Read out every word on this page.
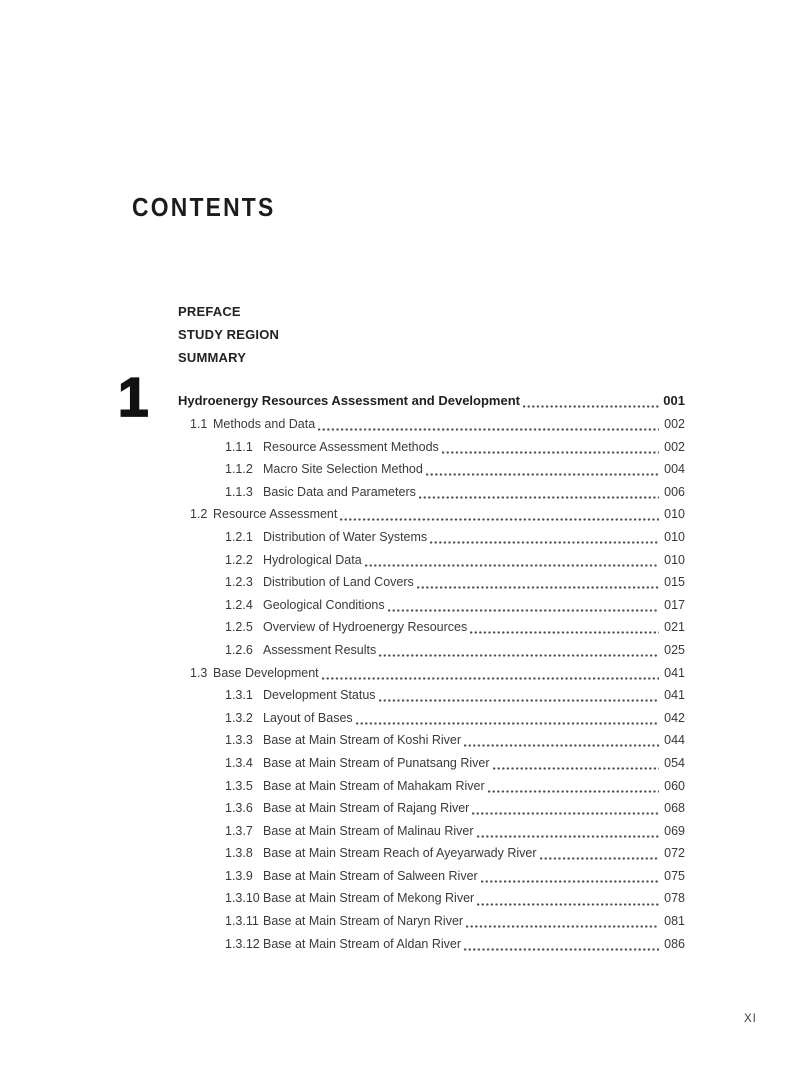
CONTENTS
PREFACE
STUDY REGION
SUMMARY
1 Hydroenergy Resources Assessment and Development	001
1.1 Methods and Data	002
1.1.1 Resource Assessment Methods	002
1.1.2 Macro Site Selection Method	004
1.1.3 Basic Data and Parameters	006
1.2 Resource Assessment	010
1.2.1 Distribution of Water Systems	010
1.2.2 Hydrological Data	010
1.2.3 Distribution of Land Covers	015
1.2.4 Geological Conditions	017
1.2.5 Overview of Hydroenergy Resources	021
1.2.6 Assessment Results	025
1.3 Base Development	041
1.3.1 Development Status	041
1.3.2 Layout of Bases	042
1.3.3 Base at Main Stream of Koshi River	044
1.3.4 Base at Main Stream of Punatsang River	054
1.3.5 Base at Main Stream of Mahakam River	060
1.3.6 Base at Main Stream of Rajang River	068
1.3.7 Base at Main Stream of Malinau River	069
1.3.8 Base at Main Stream Reach of Ayeyarwady River	072
1.3.9 Base at Main Stream of Salween River	075
1.3.10 Base at Main Stream of Mekong River	078
1.3.11 Base at Main Stream of Naryn River	081
1.3.12 Base at Main Stream of Aldan River	086
XI
